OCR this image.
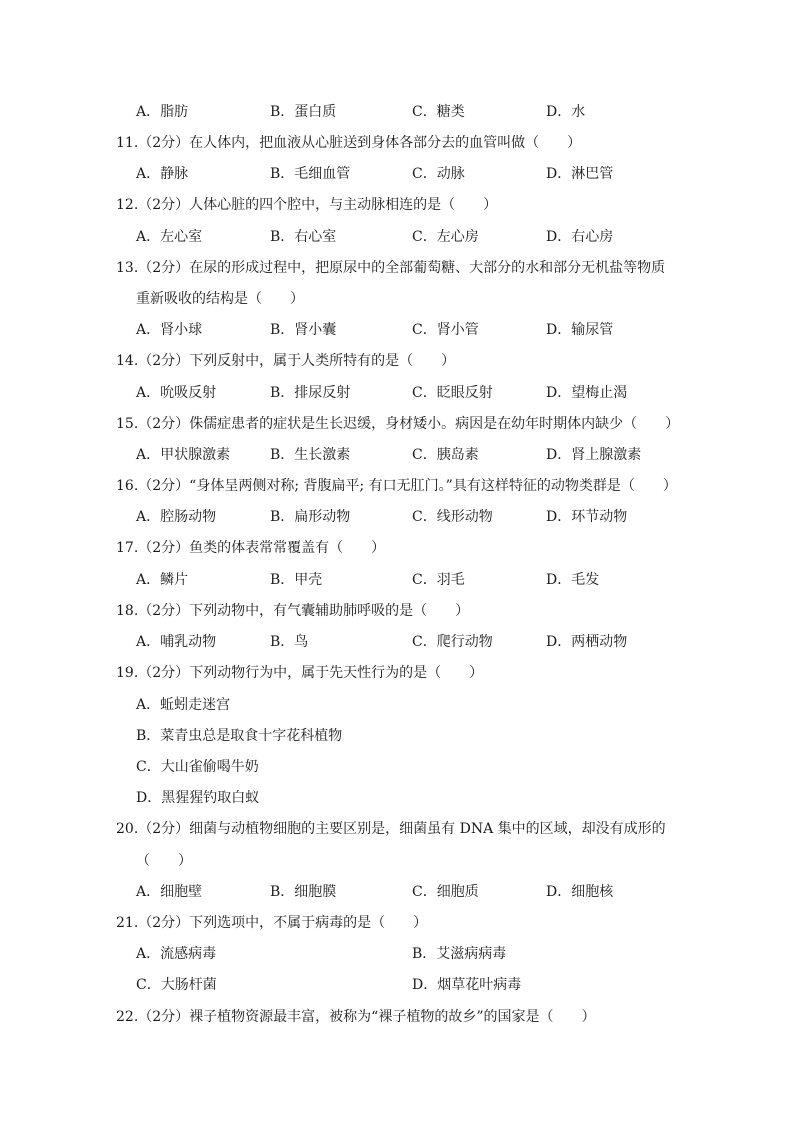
A．脂肪	B．蛋白质	C．糖类	D．水
11.（2分）在人体内，把血液从心脏送到身体各部分去的血管叫做（　　）
A．静脉	B．毛细血管	C．动脉	D．淋巴管
12.（2分）人体心脏的四个腔中，与主动脉相连的是（　　）
A．左心室	B．右心室	C．左心房	D．右心房
13.（2分）在尿的形成过程中，把原尿中的全部葡萄糖、大部分的水和部分无机盐等物质
重新吸收的结构是（　　）
A．肾小球	B．肾小囊	C．肾小管	D．输尿管
14.（2分）下列反射中，属于人类所特有的是（　　）
A．吮吸反射	B．排尿反射	C．眨眼反射	D．望梅止渴
15.（2分）侏儒症患者的症状是生长迟缓，身材矮小。病因是在幼年时期体内缺少（　　）
A．甲状腺激素	B．生长激素	C．胰岛素	D．肾上腺激素
16.（2分）“身体呈两侧对称; 背腹扁平; 有口无肛门。”具有这样特征的动物类群是（　　）
A．腔肠动物	B．扁形动物	C．线形动物	D．环节动物
17.（2分）鱼类的体表常常覆盖有（　　）
A．鳞片	B．甲壳	C．羽毛	D．毛发
18.（2分）下列动物中，有气囊辅助肺呼吸的是（　　）
A．哺乳动物	B．鸟	C．爬行动物	D．两栖动物
19.（2分）下列动物行为中，属于先天性行为的是（　　）
A．蚯蚓走迷宫
B．菜青虫总是取食十字花科植物
C．大山雀偷喝牛奶
D．黑猩猩钓取白蚁
20.（2分）细菌与动植物细胞的主要区别是，细菌虽有 DNA 集中的区域，却没有成形的
（　　）
A．细胞壁	B．细胞膜	C．细胞质	D．细胞核
21.（2分）下列选项中，不属于病毒的是（　　）
A．流感病毒	B．艾滋病病毒
C．大肠杆菌	D．烟草花叶病毒
22.（2分）裸子植物资源最丰富，被称为“裸子植物的故乡”的国家是（　　）
